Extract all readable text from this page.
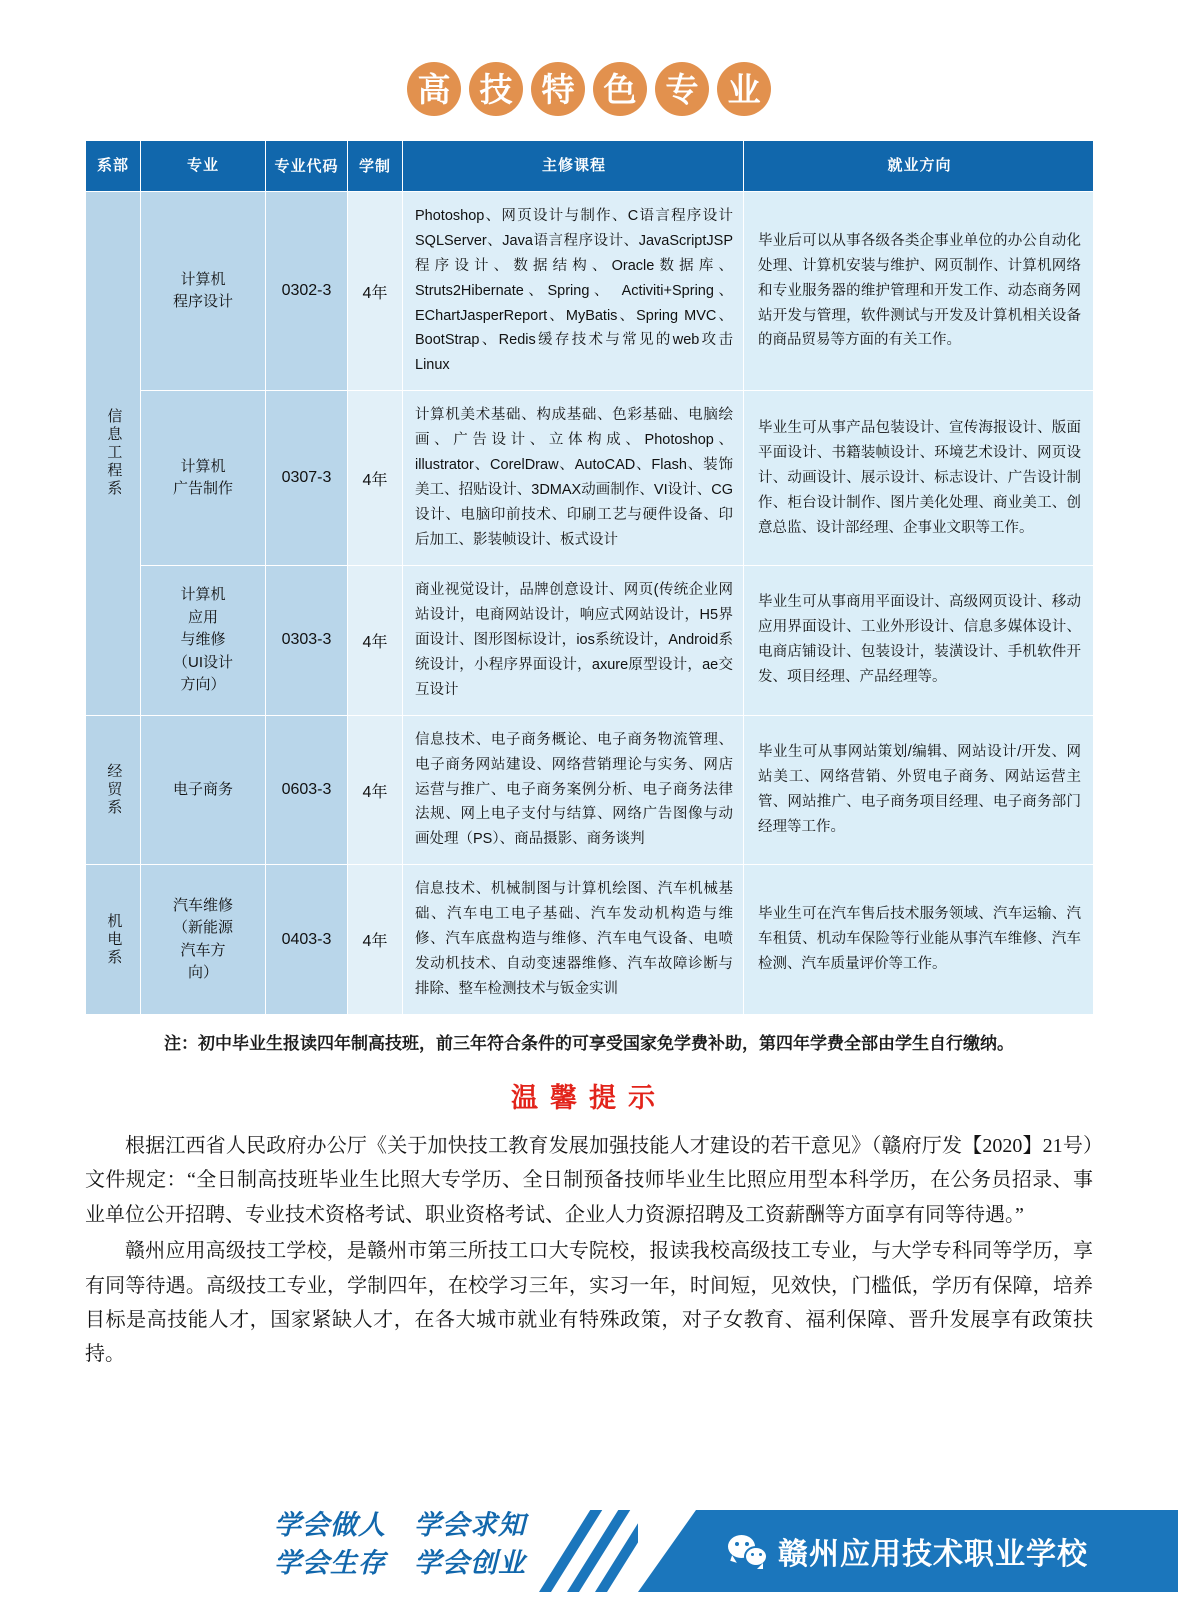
高 技 特 色 专 业
系部	专业	专业代码	学制	主修课程	就业方向

信息工程系	计算机
程序设计	0302-3	4年	Photoshop、网页设计与制作、C语言程序设计SQLServer、Java语言程序设计、JavaScriptJSP程序设计、数据结构、Oracle数据库、Struts2Hibernate、Spring、 Activiti+Spring、 EChartJasperReport、MyBatis、Spring MVC、BootStrap、Redis缓存技术与常见的web攻击Linux	毕业后可以从事各级各类企事业单位的办公自动化处理、计算机安装与维护、网页制作、计算机网络和专业服务器的维护管理和开发工作、动态商务网站开发与管理，软件测试与开发及计算机相关设备的商品贸易等方面的有关工作。
	计算机
广告制作	0307-3	4年	计算机美术基础、构成基础、色彩基础、电脑绘画、广告设计、立体构成、Photoshop、illustrator、CorelDraw、AutoCAD、Flash、装饰美工、招贴设计、3DMAX动画制作、VI设计、CG设计、电脑印前技术、印刷工艺与硬件设备、印后加工、影装帧设计、板式设计	毕业生可从事产品包装设计、宣传海报设计、版面平面设计、书籍装帧设计、环境艺术设计、网页设计、动画设计、展示设计、标志设计、广告设计制作、柜台设计制作、图片美化处理、商业美工、创意总监、设计部经理、企事业文职等工作。
	计算机
应用
与维修
（UI设计
方向）	0303-3	4年	商业视觉设计，品牌创意设计、网页(传统企业网站设计，电商网站设计，响应式网站设计，H5界面设计、图形图标设计，ios系统设计，Android系统设计，小程序界面设计，axure原型设计，ae交互设计	毕业生可从事商用平面设计、高级网页设计、移动应用界面设计、工业外形设计、信息多媒体设计、电商店铺设计、包装设计，装潢设计、手机软件开发、项目经理、产品经理等。

经贸系	电子商务	0603-3	4年	信息技术、电子商务概论、电子商务物流管理、电子商务网站建设、网络营销理论与实务、网店运营与推广、电子商务案例分析、电子商务法律法规、网上电子支付与结算、网络广告图像与动画处理（PS）、商品摄影、商务谈判	毕业生可从事网站策划/编辑、网站设计/开发、网站美工、网络营销、外贸电子商务、网站运营主管、网站推广、电子商务项目经理、电子商务部门经理等工作。

机电系	汽车维修
（新能源
汽车方
向）	0403-3	4年	信息技术、机械制图与计算机绘图、汽车机械基础、汽车电工电子基础、汽车发动机构造与维修、汽车底盘构造与维修、汽车电气设备、电喷发动机技术、自动变速器维修、汽车故障诊断与排除、整车检测技术与钣金实训	毕业生可在汽车售后技术服务领域、汽车运输、汽车租赁、机动车保险等行业能从事汽车维修、汽车检测、汽车质量评价等工作。
注：初中毕业生报读四年制高技班，前三年符合条件的可享受国家免学费补助，第四年学费全部由学生自行缴纳。
温馨提示

根据江西省人民政府办公厅《关于加快技工教育发展加强技能人才建设的若干意见》（赣府厅发【2020】21号）文件规定：“全日制高技班毕业生比照大专学历、全日制预备技师毕业生比照应用型本科学历，在公务员招录、事业单位公开招聘、专业技术资格考试、职业资格考试、企业人力资源招聘及工资薪酬等方面享有同等待遇。”

赣州应用高级技工学校，是赣州市第三所技工口大专院校，报读我校高级技工专业，与大学专科同等学历，享有同等待遇。高级技工专业，学制四年，在校学习三年，实习一年，时间短，见效快，门槛低，学历有保障，培养目标是高技能人才，国家紧缺人才，在各大城市就业有特殊政策，对子女教育、福利保障、晋升发展享有政策扶持。

学会做人　学会求知
学会生存　学会创业	赣州应用技术职业学校
